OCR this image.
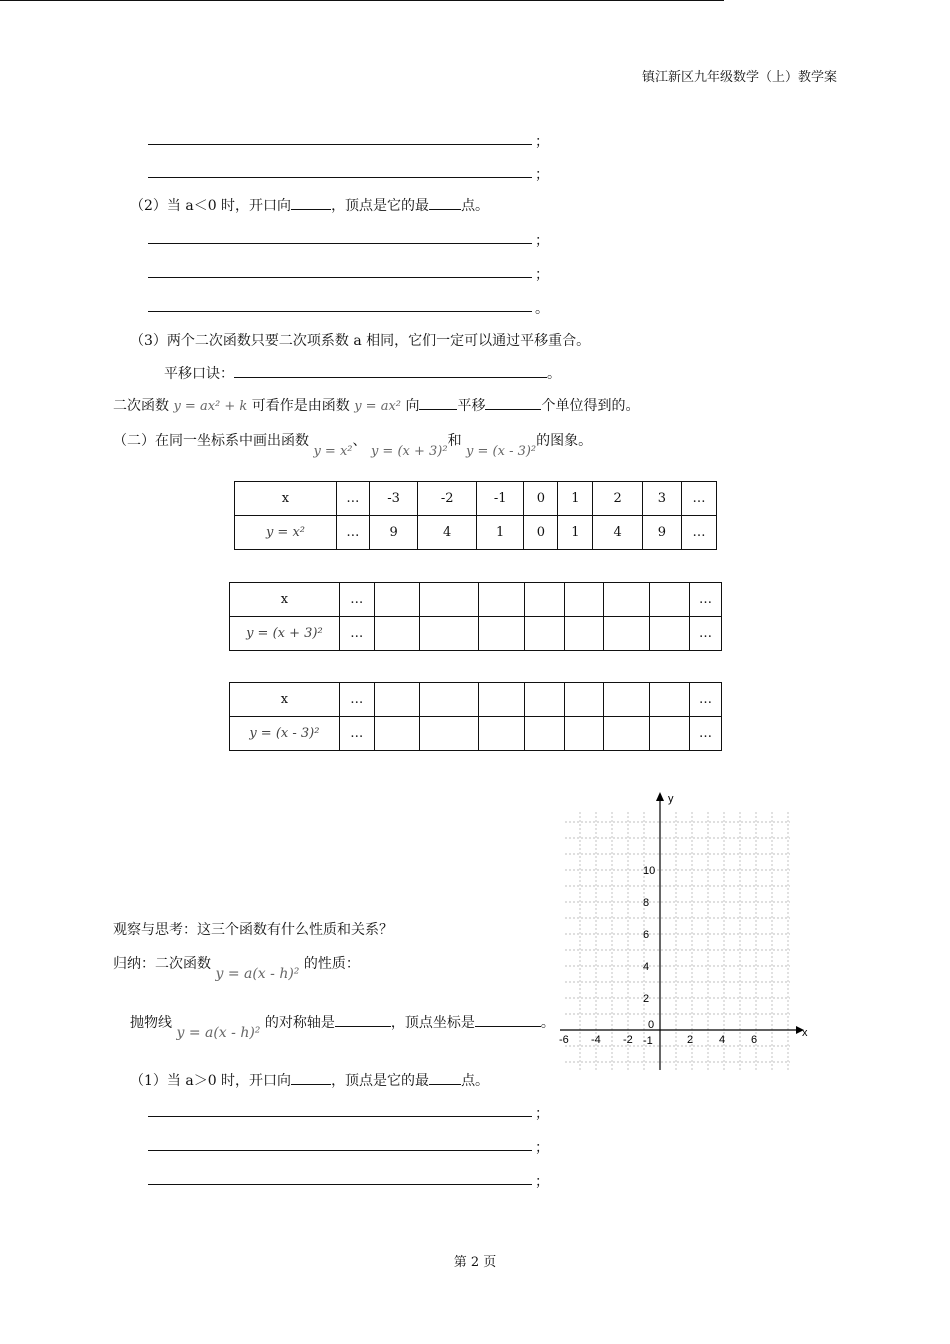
镇江新区九年级数学（上）教学案
；
；
（2）当 a＜0 时，开口向	，顶点是它的最 点。
；
；
。
（3）两个二次函数只要二次项系数 a 相同，它们一定可以通过平移重合。
平移口诀：	。
二次函数 y = ax² + k 可看作是由函数 y = ax² 向	平移	个单位得到的。
（二）在同一坐标系中画出函数 y = x²、 y = (x + 3)²和 y = (x - 3)²的图象。
x	…	-3	-2	-1	0	1	2	3	…
y = x²	…	9	4	1	0	1	4	9	…
x	…								…
y = (x + 3)²	…								…
x	…								…
y = (x - 3)²	…								…
x
y
-6 -4 -2	2 4 6
10
8
6
4
2
-1
0
观察与思考：这三个函数有什么性质和关系？
归纳：二次函数 y = a(x - h)² 的性质：
抛物线 y = a(x - h)² 的对称轴是	，顶点坐标是	。
（1）当 a＞0 时，开口向	，顶点是它的最 点。
；
；
；
第 2 页
